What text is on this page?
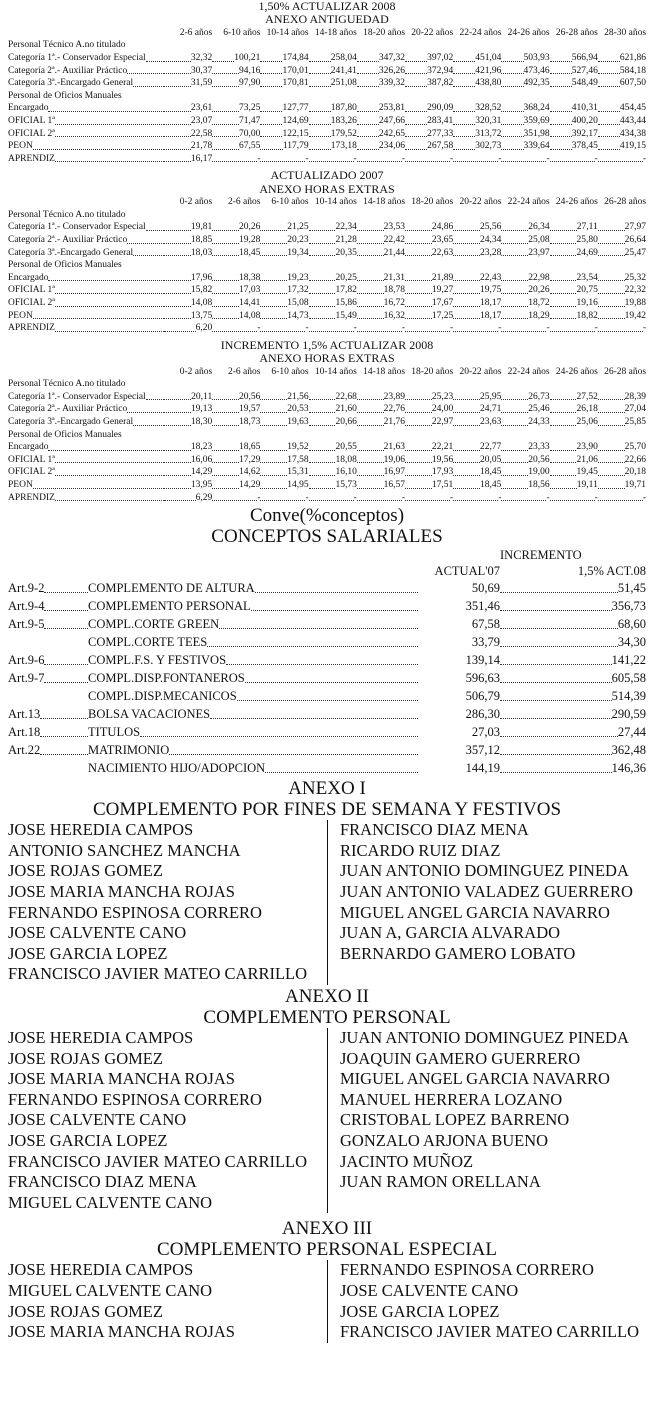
1,50% ACTUALIZAR 2008
ANEXO ANTIGUEDAD
2-6 años 6-10 años 10-14 años 14-18 años 18-20 años 20-22 años 22-24 años 24-26 años 26-28 años 28-30 años
Personal Técnico A.no titulado
Categoría 1ª.- Conservador Especial	32,32 100,21 174,84 258,04 347,32 397,02 451,04 503,93 566,94 621,86
Categoría 2ª.- Auxiliar Práctico	30,37	94,16 170,01 241,41 326,26 372,94 421,96 473,46 527,46 584,18
Categoría 3ª.-Encargado General	31,59	97,90 170,81 251,08 339,32 387,82 438,80 492,35 548,49 607,50
Personal de Oficios Manuales
Encargado	23,61	73,25 127,77 187,80 253,81 290,09 328,52 368,24 410,31 454,45
OFICIAL 1ª	23,07	71,47 124,69 183,26 247,66 283,41 320,31 359,69 400,20 443,44
OFICIAL 2ª	22,58	70,00 122,15 179,52 242,65 277,33 313,72 351,98 392,17 434,38
PEON	21,78	67,55 117,79 173,18 234,06 267,58 302,73 339,64 378,45 419,15
APRENDIZ	16,17	-	-	-	-	-	-	-	-	-
ACTUALIZADO 2007
ANEXO HORAS EXTRAS
0-2 años 2-6 años 6-10 años 10-14 años 14-18 años 18-20 años 20-22 años 22-24 años 24-26 años 26-28 años
Personal Técnico A.no titulado
Categoría 1ª.- Conservador Especial	19,81	20,26	21,25	22,34	23,53	24,86	25,56	26,34	27,11	27,97
Categoría 2ª.- Auxiliar Práctico	18,85	19,28	20,23	21,28	22,42	23,65	24,34	25,08	25,80	26,64
Categoría 3ª.-Encargado General	18,03	18,45	19,34	20,35	21,44	22,63	23,28	23,97	24,69	25,47
Personal de Oficios Manuales
Encargado	17,96	18,38	19,23	20,25	21,31	21,89	22,43	22,98	23,54	25,32
OFICIAL 1ª	15,82	17,03	17,32	17,82	18,78	19,27	19,75	20,26	20,75	22,32
OFICIAL 2ª	14,08	14,41	15,08	15,86	16,72	17,67	18,17	18,72	19,16	19,88
PEON	13,75	14,08	14,73	15,49	16,32	17,25	18,17	18,29	18,82	19,42
APRENDIZ	6,20	-	-	-	-	-	-	-	-	-
INCREMENTO 1,5% ACTUALIZAR 2008
ANEXO HORAS EXTRAS
0-2 años 2-6 años 6-10 años 10-14 años 14-18 años 18-20 años 20-22 años 22-24 años 24-26 años 26-28 años
Personal Técnico A.no titulado
Categoría 1ª.- Conservador Especial	20,11	20,56	21,56	22,68	23,89	25,23	25,95	26,73	27,52	28,39
Categoría 2ª.- Auxiliar Práctico	19,13	19,57	20,53	21,60	22,76	24,00	24,71	25,46	26,18	27,04
Categoría 3ª.-Encargado General	18,30	18,73	19,63	20,66	21,76	22,97	23,63	24,33	25,06	25,85
Personal de Oficios Manuales
Encargado	18,23	18,65	19,52	20,55	21,63	22,21	22,77	23,33	23,90	25,70
OFICIAL 1ª	16,06	17,29	17,58	18,08	19,06	19,56	20,05	20,56	21,06	22,66
OFICIAL 2ª	14,29	14,62	15,31	16,10	16,97	17,93	18,45	19,00	19,45	20,18
PEON	13,95	14,29	14,95	15,73	16,57	17,51	18,45	18,56	19,11	19,71
APRENDIZ	6,29	-	-	-	-	-	-	-	-	-
Conve(%conceptos)
CONCEPTOS SALARIALES
INCREMENTO
ACTUAL'07	1,5% ACT.08
Art.9-2	COMPLEMENTO DE ALTURA	50,69	51,45
Art.9-4	COMPLEMENTO PERSONAL	351,46	356,73
Art.9-5	COMPL.CORTE GREEN	67,58	68,60
COMPL.CORTE TEES	33,79	34,30
Art.9-6	COMPL.F.S. Y FESTIVOS	139,14	141,22
Art.9-7	COMPL.DISP.FONTANEROS	596,63	605,58
COMPL.DISP.MECANICOS	506,79	514,39
Art.13	BOLSA VACACIONES	286,30	290,59
Art.18	TITULOS	27,03	27,44
Art.22	MATRIMONIO	357,12	362,48
NACIMIENTO HIJO/ADOPCION	144,19	146,36
ANEXO I
COMPLEMENTO POR FINES DE SEMANA Y FESTIVOS
JOSE HEREDIA CAMPOS
ANTONIO SANCHEZ MANCHA
JOSE ROJAS GOMEZ
JOSE MARIA MANCHA ROJAS
FERNANDO ESPINOSA CORRERO
JOSE CALVENTE CANO
JOSE GARCIA LOPEZ
FRANCISCO JAVIER MATEO CARRILLO
FRANCISCO DIAZ MENA
RICARDO RUIZ DIAZ
JUAN ANTONIO DOMINGUEZ PINEDA
JUAN ANTONIO VALADEZ GUERRERO
MIGUEL ANGEL GARCIA NAVARRO
JUAN A, GARCIA ALVARADO
BERNARDO GAMERO LOBATO
ANEXO II
COMPLEMENTO PERSONAL
JOSE HEREDIA CAMPOS
JOSE ROJAS GOMEZ
JOSE MARIA MANCHA ROJAS
FERNANDO ESPINOSA CORRERO
JOSE CALVENTE CANO
JOSE GARCIA LOPEZ
FRANCISCO JAVIER MATEO CARRILLO
FRANCISCO DIAZ MENA
MIGUEL CALVENTE CANO
JUAN ANTONIO DOMINGUEZ PINEDA
JOAQUIN GAMERO GUERRERO
MIGUEL ANGEL GARCIA NAVARRO
MANUEL HERRERA LOZANO
CRISTOBAL LOPEZ BARRENO
GONZALO ARJONA BUENO
JACINTO MUÑOZ
JUAN RAMON ORELLANA
ANEXO III
COMPLEMENTO PERSONAL ESPECIAL
JOSE HEREDIA CAMPOS
MIGUEL CALVENTE CANO
JOSE ROJAS GOMEZ
JOSE MARIA MANCHA ROJAS
FERNANDO ESPINOSA CORRERO
JOSE CALVENTE CANO
JOSE GARCIA LOPEZ
FRANCISCO JAVIER MATEO CARRILLO
